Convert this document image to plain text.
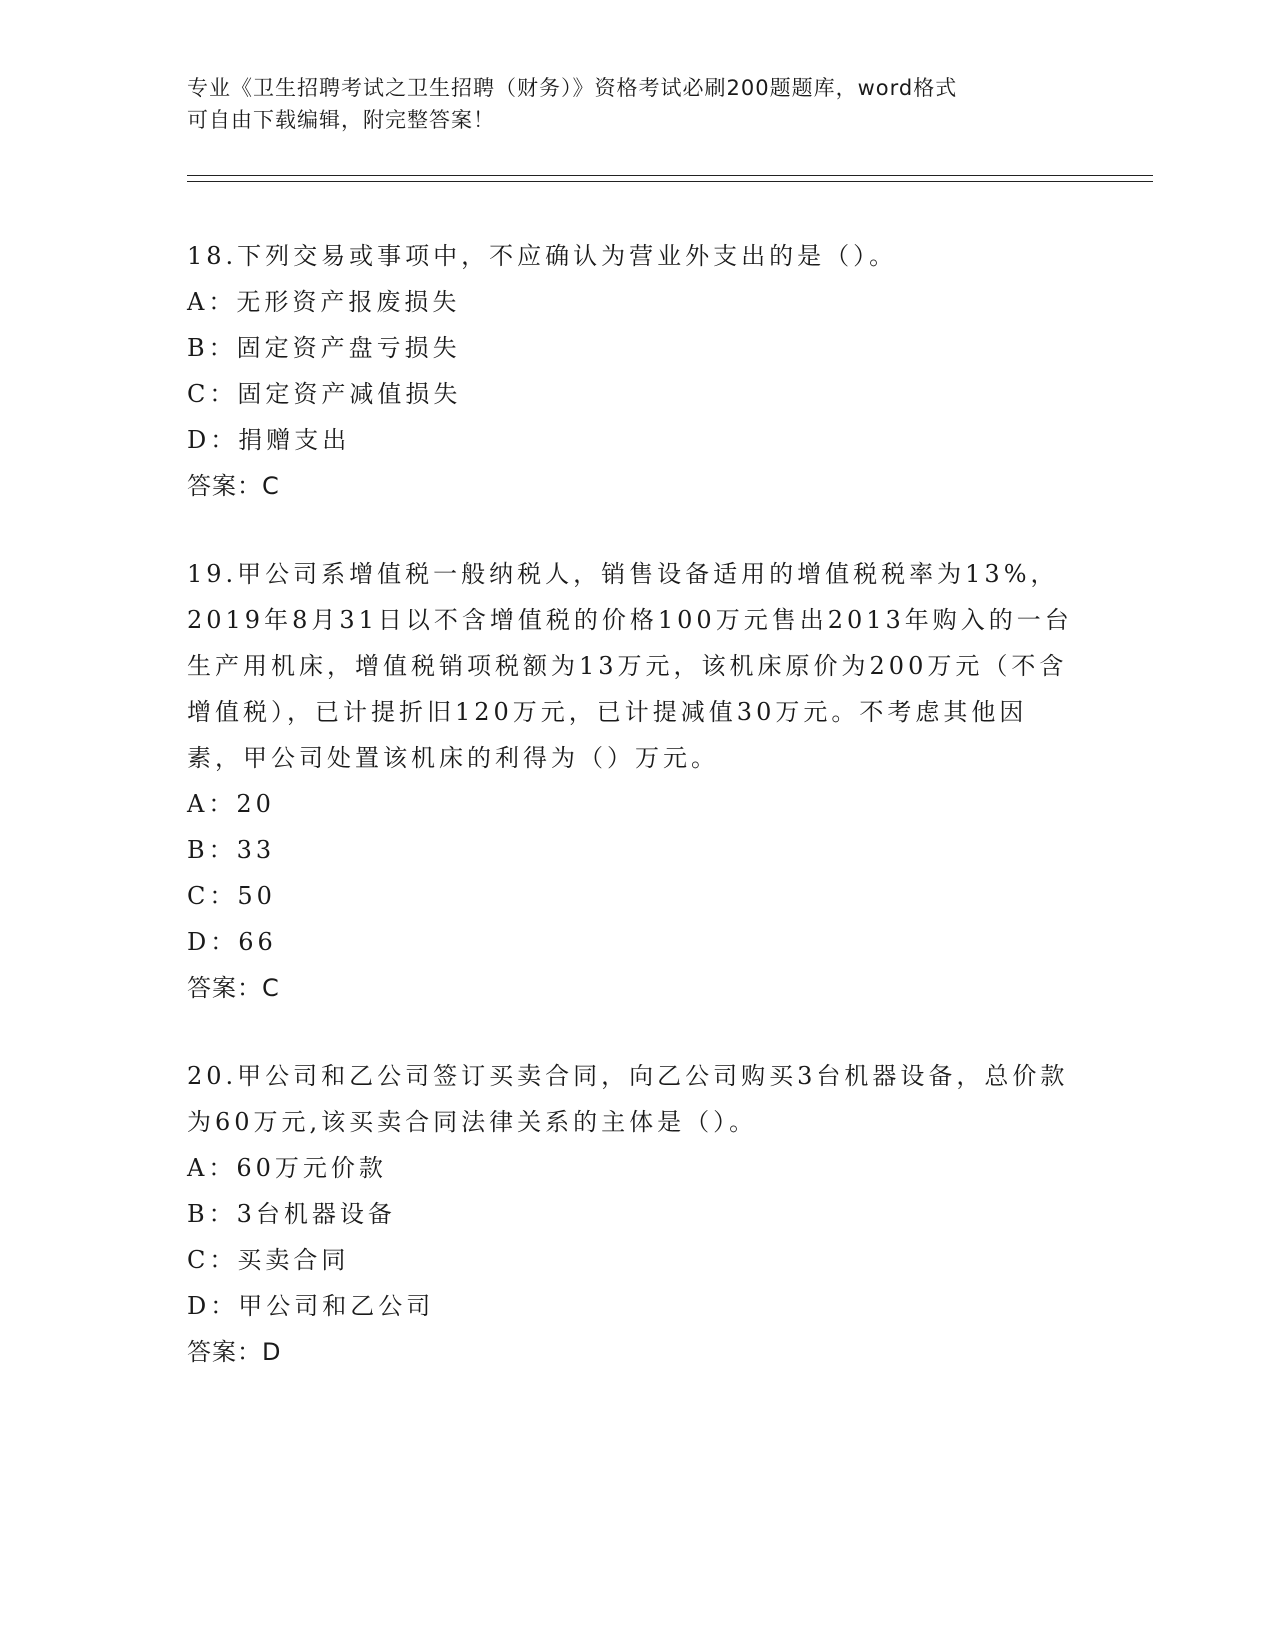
专业《卫生招聘考试之卫生招聘（财务）》资格考试必刷200题题库，word格式
可自由下载编辑，附完整答案！
18.下列交易或事项中，不应确认为营业外支出的是（）。
A：无形资产报废损失
B：固定资产盘亏损失
C：固定资产减值损失
D：捐赠支出
答案：C
19.甲公司系增值税一般纳税人，销售设备适用的增值税税率为13%，2019年8月31日以不含增值税的价格100万元售出2013年购入的一台生产用机床，增值税销项税额为13万元，该机床原价为200万元（不含增值税），已计提折旧120万元，已计提减值30万元。不考虑其他因素，甲公司处置该机床的利得为（）万元。
A：20
B：33
C：50
D：66
答案：C
20.甲公司和乙公司签订买卖合同，向乙公司购买3台机器设备，总价款为60万元,该买卖合同法律关系的主体是（）。
A：60万元价款
B：3台机器设备
C：买卖合同
D：甲公司和乙公司
答案：D
